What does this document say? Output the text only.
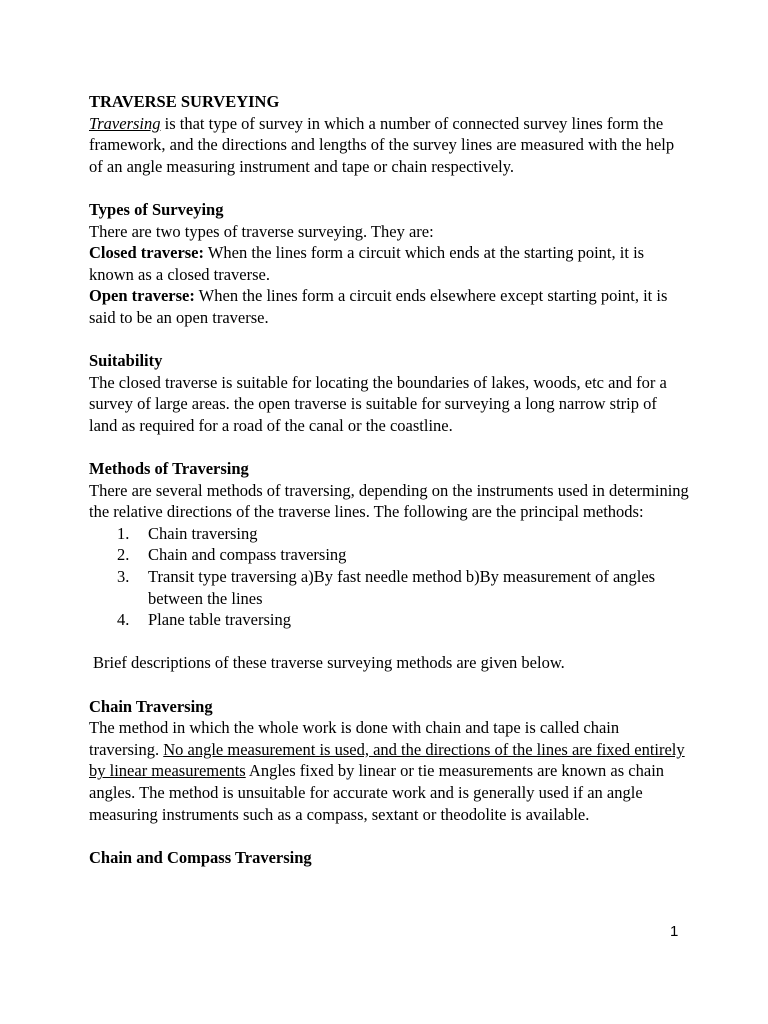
TRAVERSE SURVEYING

Traversing is that type of survey in which a number of connected survey lines form the framework, and the directions and lengths of the survey lines are measured with the help of an angle measuring instrument and tape or chain respectively.

Types of Surveying

There are two types of traverse surveying. They are:

Closed traverse: When the lines form a circuit which ends at the starting point, it is known as a closed traverse.

Open traverse: When the lines form a circuit ends elsewhere except starting point, it is said to be an open traverse.

Suitability

The closed traverse is suitable for locating the boundaries of lakes, woods, etc and for a survey of large areas. the open traverse is suitable for surveying a long narrow strip of land as required for a road of the canal or the coastline.

Methods of Traversing

There are several methods of traversing, depending on the instruments used in determining the relative directions of the traverse lines. The following are the principal methods:

1. Chain traversing
2. Chain and compass traversing
3. Transit type traversing a)By fast needle method b)By measurement of angles between the lines
4. Plane table traversing

Brief descriptions of these traverse surveying methods are given below.

Chain Traversing

The method in which the whole work is done with chain and tape is called chain traversing. No angle measurement is used, and the directions of the lines are fixed entirely by linear measurements Angles fixed by linear or tie measurements are known as chain angles. The method is unsuitable for accurate work and is generally used if an angle measuring instruments such as a compass, sextant or theodolite is available.

Chain and Compass Traversing
1
